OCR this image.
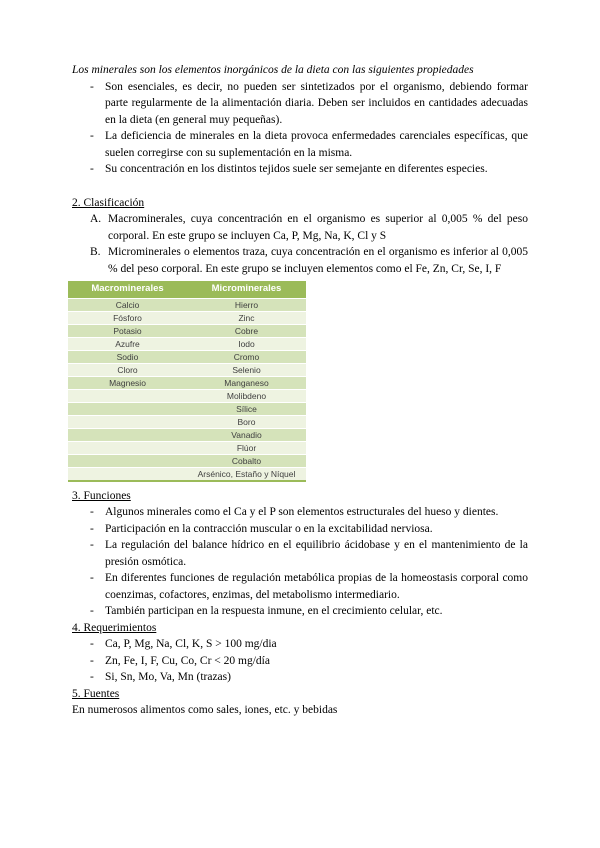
Los minerales son los elementos inorgánicos de la dieta con las siguientes propiedades
- Son esenciales, es decir, no pueden ser sintetizados por el organismo, debiendo formar parte regularmente de la alimentación diaria. Deben ser incluidos en cantidades adecuadas en la dieta (en general muy pequeñas).
- La deficiencia de minerales en la dieta provoca enfermedades carenciales específicas, que suelen corregirse con su suplementación en la misma.
- Su concentración en los distintos tejidos suele ser semejante en diferentes especies.
2. Clasificación
A. Macrominerales, cuya concentración en el organismo es superior al 0,005 % del peso corporal. En este grupo se incluyen Ca, P, Mg, Na, K, Cl y S
B. Microminerales o elementos traza, cuya concentración en el organismo es inferior al 0,005 % del peso corporal. En este grupo se incluyen elementos como el Fe, Zn, Cr, Se, I, F
Macrominerales	Microminerales
Calcio	Hierro
Fósforo	Zinc
Potasio	Cobre
Azufre	Iodo
Sodio	Cromo
Cloro	Selenio
Magnesio	Manganeso
	Molibdeno
	Sílice
	Boro
	Vanadio
	Flúor
	Cobalto
	Arsénico, Estaño y Níquel
3. Funciones
- Algunos minerales como el Ca y el P son elementos estructurales del hueso y dientes.
- Participación en la contracción muscular o en la excitabilidad nerviosa.
- La regulación del balance hídrico en el equilibrio ácidobase y en el mantenimiento de la presión osmótica.
- En diferentes funciones de regulación metabólica propias de la homeostasis corporal como coenzimas, cofactores, enzimas, del metabolismo intermediario.
- También participan en la respuesta inmune, en el crecimiento celular, etc.
4. Requerimientos
- Ca, P, Mg, Na, Cl, K, S > 100 mg/dia
- Zn, Fe, I, F, Cu, Co, Cr < 20 mg/día
- Si, Sn, Mo, Va, Mn (trazas)
5. Fuentes
En numerosos alimentos como sales, iones, etc. y bebidas
